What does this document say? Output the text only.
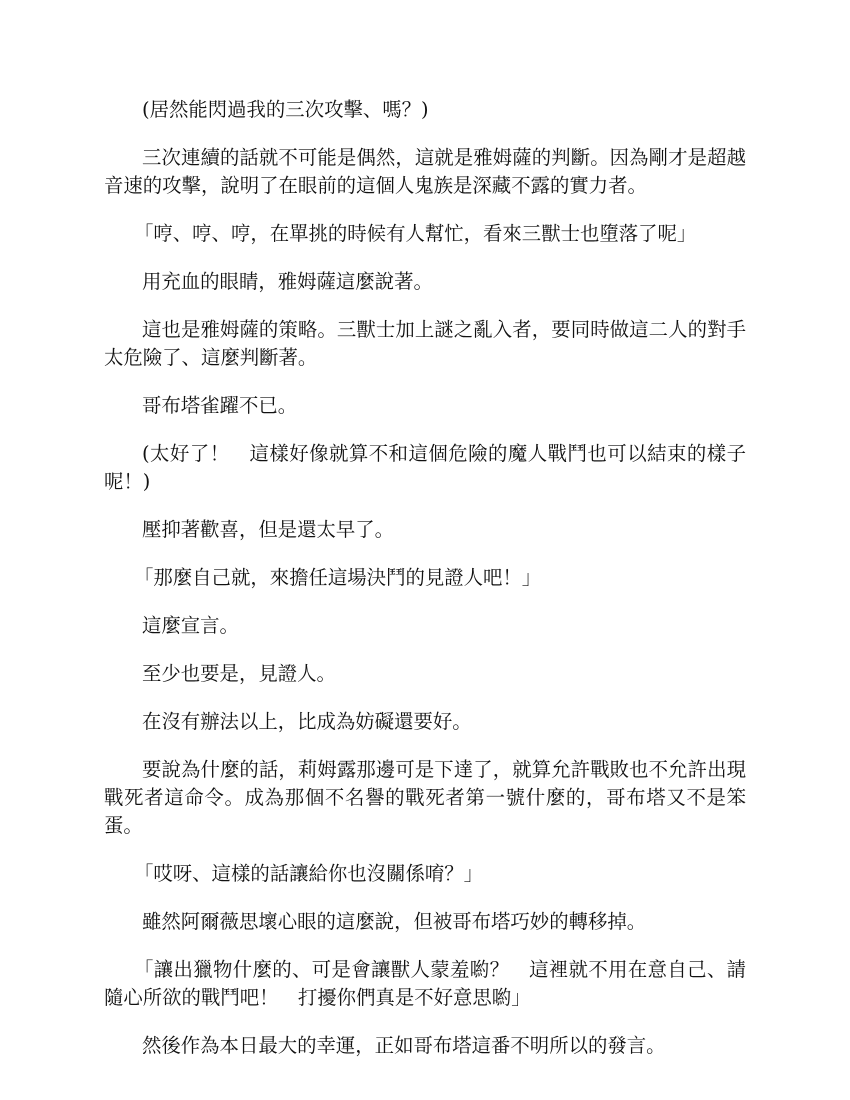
(居然能閃過我的三次攻擊、嗎？)

三次連續的話就不可能是偶然，這就是雅姆薩的判斷。因為剛才是超越音速的攻擊，說明了在眼前的這個人鬼族是深藏不露的實力者。

「哼、哼、哼，在單挑的時候有人幫忙，看來三獸士也墮落了呢」

用充血的眼睛，雅姆薩這麼說著。

這也是雅姆薩的策略。三獸士加上謎之亂入者，要同時做這二人的對手太危險了、這麼判斷著。

哥布塔雀躍不已。

(太好了！　這樣好像就算不和這個危險的魔人戰鬥也可以結束的樣子呢！)

壓抑著歡喜，但是還太早了。

「那麼自己就，來擔任這場決鬥的見證人吧！」

這麼宣言。

至少也要是，見證人。

在沒有辦法以上，比成為妨礙還要好。

要說為什麼的話，莉姆露那邊可是下達了，就算允許戰敗也不允許出現戰死者這命令。成為那個不名譽的戰死者第一號什麼的，哥布塔又不是笨蛋。

「哎呀、這樣的話讓給你也沒關係唷？」

雖然阿爾薇思壞心眼的這麼說，但被哥布塔巧妙的轉移掉。

「讓出獵物什麼的、可是會讓獸人蒙羞喲？　這裡就不用在意自己、請隨心所欲的戰鬥吧！　打擾你們真是不好意思喲」

然後作為本日最大的幸運，正如哥布塔這番不明所以的發言。
